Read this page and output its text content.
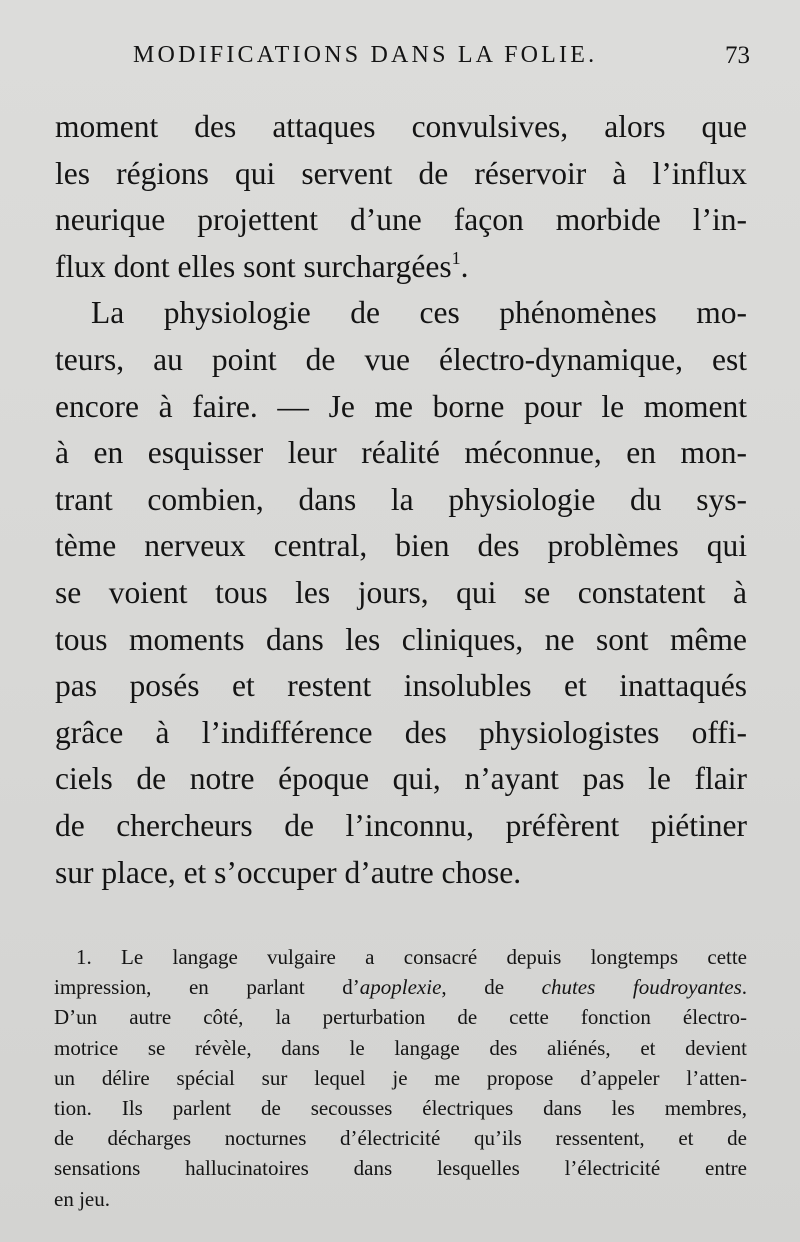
MODIFICATIONS DANS LA FOLIE.	73
moment des attaques convulsives, alors que
les régions qui servent de réservoir à l’influx
neurique projettent d’une façon morbide l’in-
flux dont elles sont surchargées$^1$.
La physiologie de ces phénomènes mo-
teurs, au point de vue électro-dynamique, est
encore à faire. — Je me borne pour le moment
à en esquisser leur réalité méconnue, en mon-
trant combien, dans la physiologie du sys-
tème nerveux central, bien des problèmes qui
se voient tous les jours, qui se constatent à
tous moments dans les cliniques, ne sont même
pas posés et restent insolubles et inattaqués
grâce à l’indifférence des physiologistes offi-
ciels de notre époque qui, n’ayant pas le flair
de chercheurs de l’inconnu, préfèrent piétiner
sur place, et s’occuper d’autre chose.
1. Le langage vulgaire a consacré depuis longtemps cette
impression, en parlant d’apoplexie, de chutes foudroyantes.
D’un autre côté, la perturbation de cette fonction électro-
motrice se révèle, dans le langage des aliénés, et devient
un délire spécial sur lequel je me propose d’appeler l’atten-
tion. Ils parlent de secousses électriques dans les membres,
de décharges nocturnes d’électricité qu’ils ressentent, et de
sensations hallucinatoires dans lesquelles l’électricité entre
en jeu.
